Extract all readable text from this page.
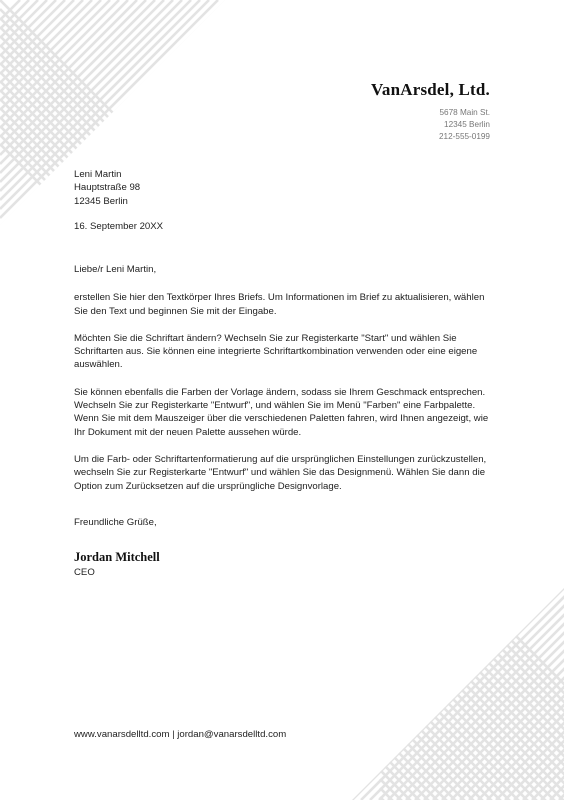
VanArsdel, Ltd.
5678 Main St.
12345 Berlin
212-555-0199
Leni Martin
Hauptstraße 98
12345 Berlin
16. September 20XX

Liebe/r Leni Martin,

erstellen Sie hier den Textkörper Ihres Briefs. Um Informationen im Brief zu aktualisieren, wählen Sie den Text und beginnen Sie mit der Eingabe.

Möchten Sie die Schriftart ändern? Wechseln Sie zur Registerkarte "Start" und wählen Sie Schriftarten aus. Sie können eine integrierte Schriftartkombination verwenden oder eine eigene auswählen.

Sie können ebenfalls die Farben der Vorlage ändern, sodass sie Ihrem Geschmack entsprechen. Wechseln Sie zur Registerkarte "Entwurf", und wählen Sie im Menü "Farben" eine Farbpalette. Wenn Sie mit dem Mauszeiger über die verschiedenen Paletten fahren, wird Ihnen angezeigt, wie Ihr Dokument mit der neuen Palette aussehen würde.

Um die Farb- oder Schriftartenformatierung auf die ursprünglichen Einstellungen zurückzustellen, wechseln Sie zur Registerkarte "Entwurf" und wählen Sie das Designmenü. Wählen Sie dann die Option zum Zurücksetzen auf die ursprüngliche Designvorlage.

Freundliche Grüße,
Jordan Mitchell
CEO
www.vanarsdelltd.com | jordan@vanarsdelltd.com
